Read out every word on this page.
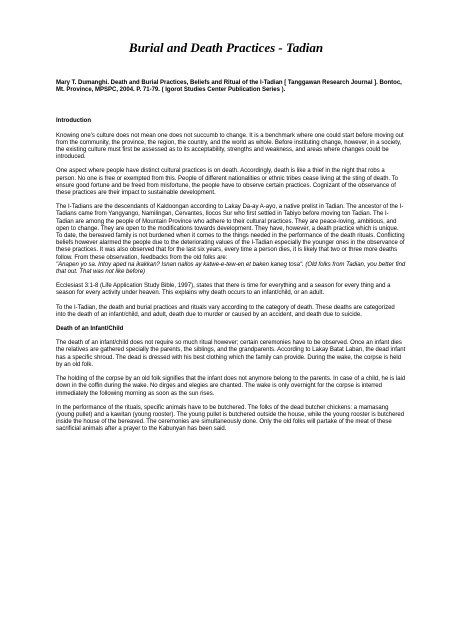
Burial and Death Practices - Tadian

Mary T. Dumanghi. Death and Burial Practices, Beliefs and Ritual of the I-Tadian [ Tanggawan Research Journal ]. Bontoc, Mt. Province, MPSPC, 2004. P. 71-79. ( Igorot Studies Center Publication Series ).

Introduction

Knowing one's culture does not mean one does not succumb to change. It is a benchmark where one could start before moving out from the community, the province, the region, the country, and the world as whole. Before instituting change, however, in a society, the existing culture must first be assessed as to its acceptability, strengths and weakness, and areas where changes could be introduced.

One aspect where people have distinct cultural practices is on death. Accordingly, death is like a thief in the night that robs a person. No one is free or exempted from this. People of different nationalities or ethnic tribes cease living at the sting of death. To ensure good fortune and be freed from misfortune, the people have to observe certain practices. Cognizant of the observance of these practices are their impact to sustainable development.

The I-Tadians are the descendants of Kaldoongan according to Lakay Da-ay A-ayo, a native prelist in Tadian. The ancestor of the I-Tadians came from Yangyango, Namilingan, Cervantes, Ilocos Sur who first settled in Tabiyo before moving ton Tadian. The I-Tadian are among the people of Mountain Province who adhere to their cultural practices. They are peace-loving, ambitious, and open to change. They are open to the modifications towards development. They have, however, a death practice which is unique. To date, the bereaved family is not burdened when it comes to the things needed in the performance of the death rituals. Conflicting beliefs however alarmed the people due to the deteriorating values of the I-Tadian especially the younger ones in the observance of these practices. It was also observed that for the last six years, every time a person dies, it is likely that two or three more deaths follow. From these observation, feedbacks from the old folks are:

"Anapen yo sa. Intoy aped na ikakkan? Isnan nallos ay katwe-e-tew-en et baken kaneg tosa". (Old folks from Tadian, you better find that out. That was not like before)

Ecclesiast 3:1-8 (Life Application Study Bible, 1997), states that there is time for everything and a season for every thing and a season for every activity under heaven. This explains why death occurs to an infant/child, or an adult.

To the I-Tadian, the death and burial practices and rituals vary according to the category of death. These deaths are categorized into the death of an infant/child, and adult, death due to murder or caused by an accident, and death due to suicide.

Death of an Infant/Child

The death of an infant/child does not require so much ritual however; certain ceremonies have to be observed. Once an infant dies the relatives are gathered specially the parents, the siblings, and the grandparents. According to Lakay Batat Laban, the dead infant has a specific shroud. The dead is dressed with his best clothing which the family can provide. During the wake, the corpse is held by an old folk.

The holding of the corpse by an old folk signifies that the infant does not anymore belong to the parents. In case of a child, he is laid down in the coffin during the wake. No dirges and elegies are chanted. The wake is only overnight for the corpse is interred immediately the following morning as soon as the sun rises.

In the performance of the rituals, specific animals have to be butchered. The folks of the dead butcher chickens: a mamasang (young pullet) and a kawitan (young rooster). The young pullet is butchered outside the house, while the young rooster is butchered inside the house of the bereaved. The ceremonies are simultaneously done. Only the old folks will partake of the meat of these sacrificial animals after a prayer to the Kabunyan has been said.
